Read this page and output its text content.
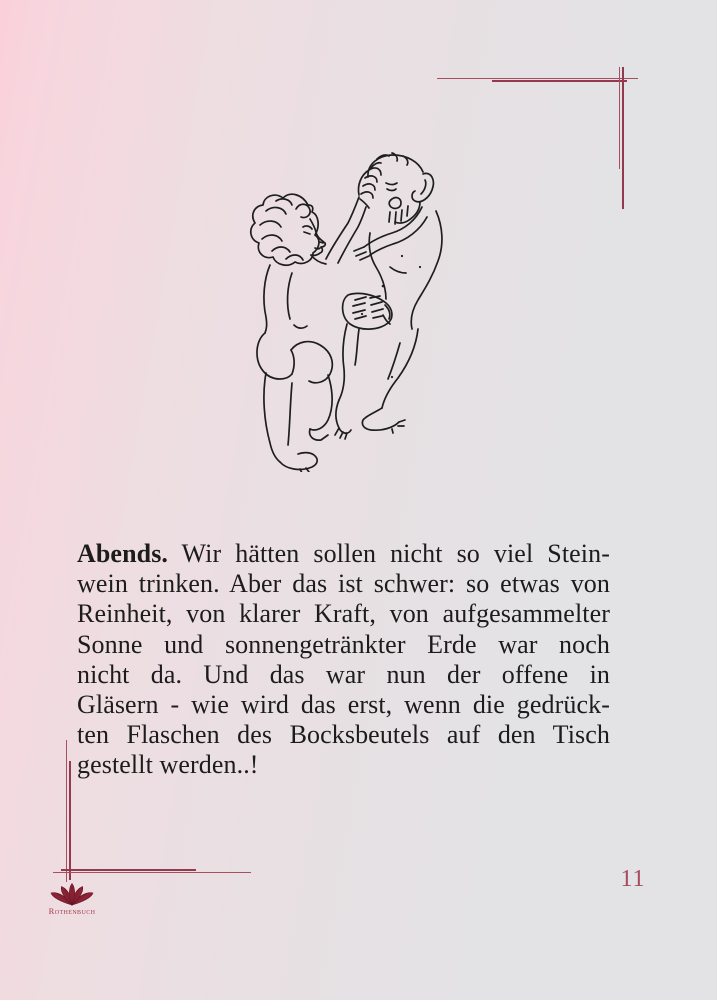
Abends. Wir hätten sollen nicht so viel Stein-
wein trinken. Aber das ist schwer: so etwas von
Reinheit, von klarer Kraft, von aufgesammelter
Sonne und sonnengetränkter Erde war noch
nicht da. Und das war nun der offene in
Gläsern - wie wird das erst, wenn die gedrück-
ten Flaschen des Bocksbeutels auf den Tisch
gestellt werden..!
11
Rothenbuch
